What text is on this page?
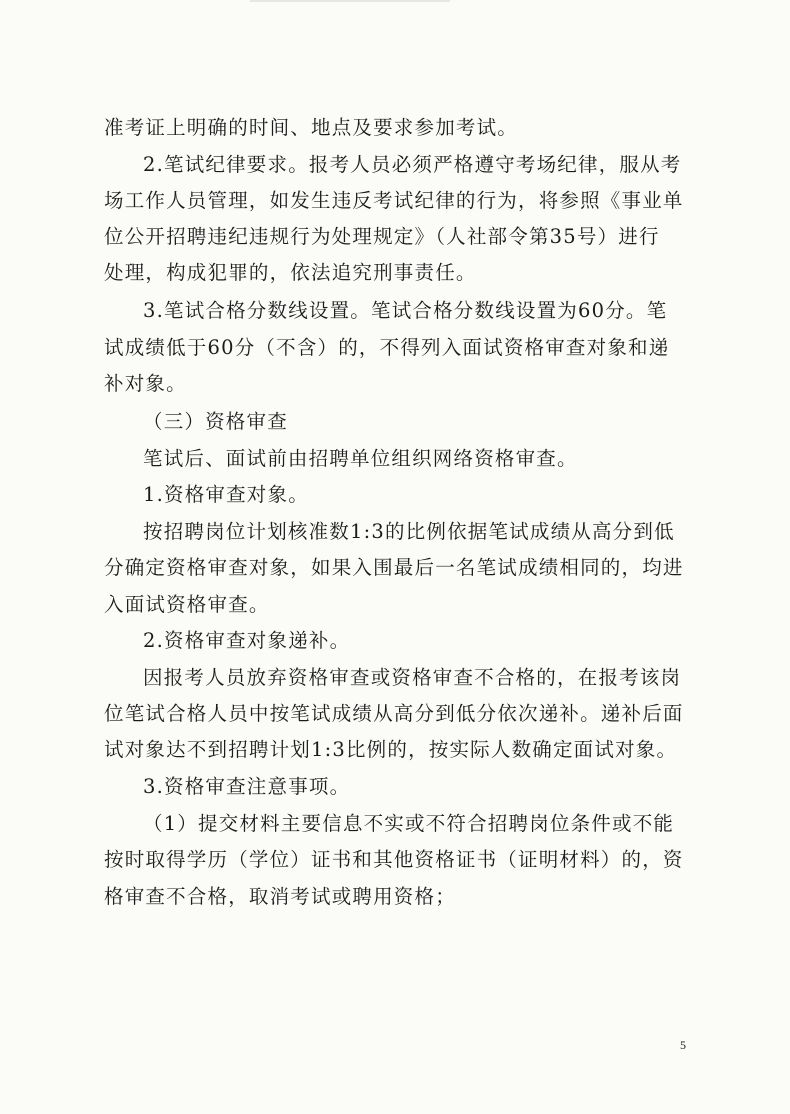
准考证上明确的时间、地点及要求参加考试。
2.笔试纪律要求。报考人员必须严格遵守考场纪律，服从考
场工作人员管理，如发生违反考试纪律的行为，将参照《事业单
位公开招聘违纪违规行为处理规定》（人社部令第35号）进行
处理，构成犯罪的，依法追究刑事责任。
3.笔试合格分数线设置。笔试合格分数线设置为60分。笔
试成绩低于60分（不含）的，不得列入面试资格审查对象和递
补对象。
（三）资格审查
笔试后、面试前由招聘单位组织网络资格审查。
1.资格审查对象。
按招聘岗位计划核准数1:3的比例依据笔试成绩从高分到低
分确定资格审查对象，如果入围最后一名笔试成绩相同的，均进
入面试资格审查。
2.资格审查对象递补。
因报考人员放弃资格审查或资格审查不合格的，在报考该岗
位笔试合格人员中按笔试成绩从高分到低分依次递补。递补后面
试对象达不到招聘计划1:3比例的，按实际人数确定面试对象。
3.资格审查注意事项。
（1）提交材料主要信息不实或不符合招聘岗位条件或不能
按时取得学历（学位）证书和其他资格证书（证明材料）的，资
格审查不合格，取消考试或聘用资格；
5
